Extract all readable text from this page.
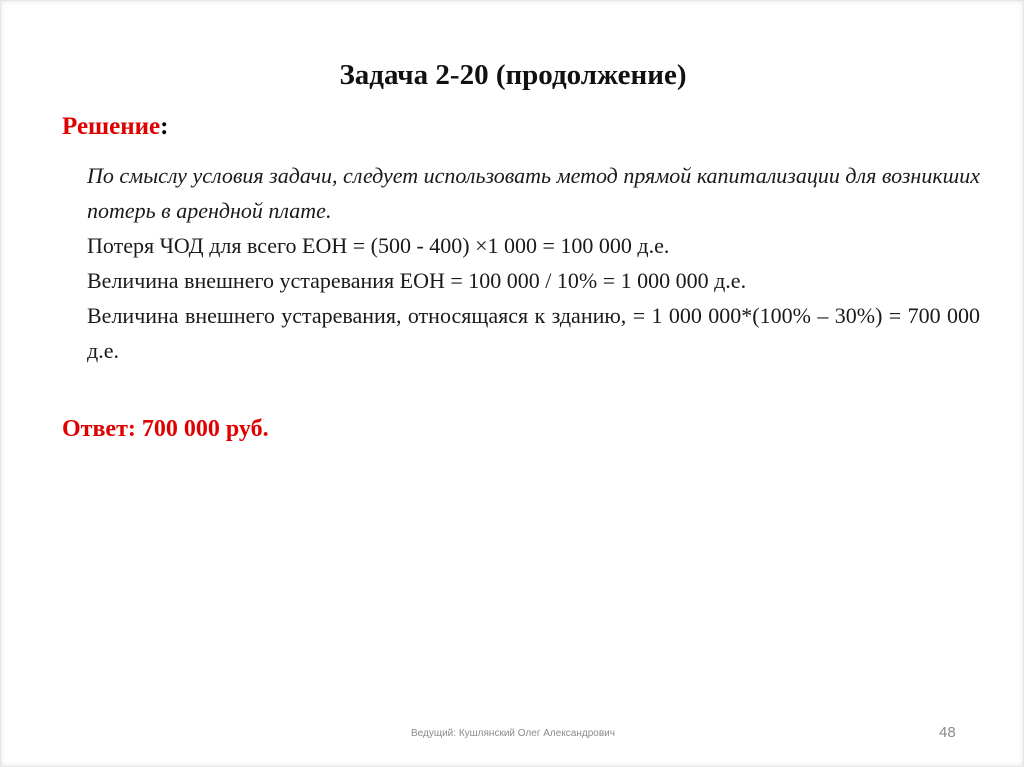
Задача 2-20 (продолжение)
Решение:

По смыслу условия задачи, следует использовать метод прямой капитализации для возникших потерь в арендной плате.

Потеря ЧОД для всего ЕОН = (500 - 400) ×1 000 = 100 000 д.е.

Величина внешнего устаревания ЕОН = 100 000 / 10% = 1 000 000 д.е.

Величина внешнего устаревания, относящаяся к зданию, = 1 000 000*(100% – 30%) = 700 000 д.е.

Ответ: 700 000 руб.
Ведущий: Кушлянский Олег Александрович	48
